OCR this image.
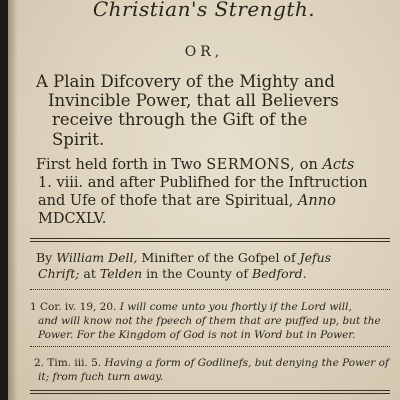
Christian's Strength.
OR,
A Plain Difcovery of the Mighty and
Invincible Power, that all Believers
receive through the Gift of the
Spirit.
First held forth in Two SERMONS, on Acts
1. viii. and after Publifhed for the Inftruction
and Ufe of thofe that are Spiritual, Anno
MDCXLV.
By William Dell, Minifter of the Gofpel of Jefus
Chrift; at Telden in the County of Bedford.
1 Cor. iv. 19, 20. I will come unto you fhortly if the Lord will,
and will know not the fpeech of them that are puffed up, but the
Power. For the Kingdom of God is not in Word but in Power.
2. Tim. iii. 5. Having a form of Godlinefs, but denying the Power of
it; from fuch turn away.
